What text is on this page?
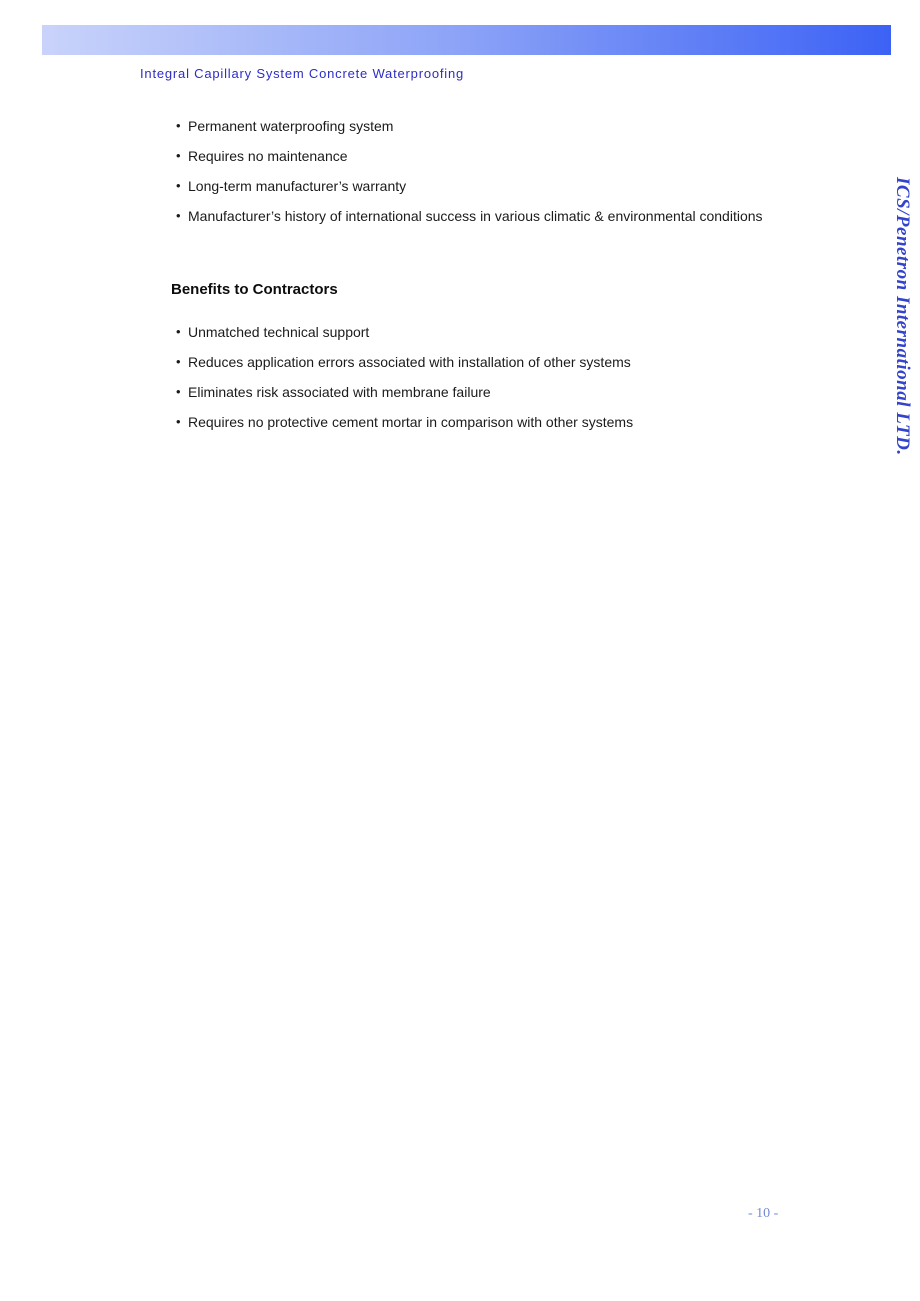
Integral Capillary System Concrete Waterproofing
• Permanent waterproofing system
• Requires no maintenance
• Long-term manufacturer’s warranty
• Manufacturer’s history of international success in various climatic & environmental conditions
Benefits to Contractors
• Unmatched technical support
• Reduces application errors associated with installation of other systems
• Eliminates risk associated with membrane failure
• Requires no protective cement mortar in comparison with other systems	ICS/Penetron International LTD.
- 10 -
